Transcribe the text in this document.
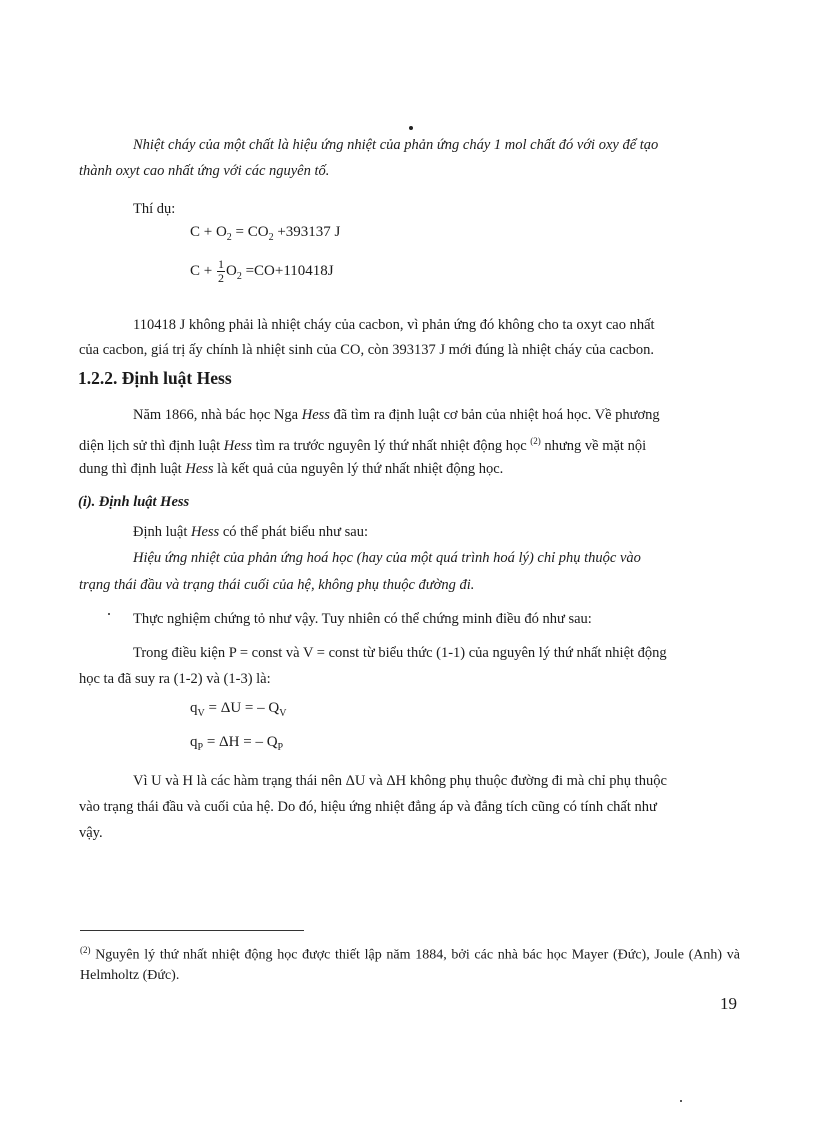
Nhiệt cháy của một chất là hiệu ứng nhiệt của phản ứng cháy 1 mol chất đó với oxy để tạo

thành oxyt cao nhất ứng với các nguyên tố.

Thí dụ:

$C + O_2 = CO_2 +393137$ J
$C + \frac{1}{2} O_2 =CO+110418J$

110418 J không phải là nhiệt cháy của cacbon, vì phản ứng đó không cho ta oxyt cao nhất

của cacbon, giá trị ấy chính là nhiệt sinh của CO, còn 393137 J mới đúng là nhiệt cháy của cacbon.

1.2.2. Định luật Hess

Năm 1866, nhà bác học Nga Hess đã tìm ra định luật cơ bản của nhiệt hoá học. Về phương

diện lịch sử thì định luật Hess tìm ra trước nguyên lý thứ nhất nhiệt động học $^{(2)}$ nhưng về mặt nội

dung thì định luật Hess là kết quả của nguyên lý thứ nhất nhiệt động học.

(i). Định luật Hess

Định luật Hess có thể phát biểu như sau:

Hiệu ứng nhiệt của phản ứng hoá học (hay của một quá trình hoá lý) chỉ phụ thuộc vào

trạng thái đầu và trạng thái cuối của hệ, không phụ thuộc đường đi.

Thực nghiệm chứng tỏ như vậy. Tuy nhiên có thể chứng minh điều đó như sau:

Trong điều kiện P = const và V = const từ biểu thức (1-1) của nguyên lý thứ nhất nhiệt động

học ta đã suy ra (1-2) và (1-3) là:

$q_V = \Delta U$ = – $Q_V$
$q_P = \Delta H$ = – $Q_P$

Vì U và H là các hàm trạng thái nên ΔU và ΔH không phụ thuộc đường đi mà chỉ phụ thuộc

vào trạng thái đầu và cuối của hệ. Do đó, hiệu ứng nhiệt đẳng áp và đẳng tích cũng có tính chất như

vậy.

$^{(2)}$ Nguyên lý thứ nhất nhiệt động học được thiết lập năm 1884, bởi các nhà bác học Mayer (Đức), Joule (Anh) và Helmholtz (Đức).

19
